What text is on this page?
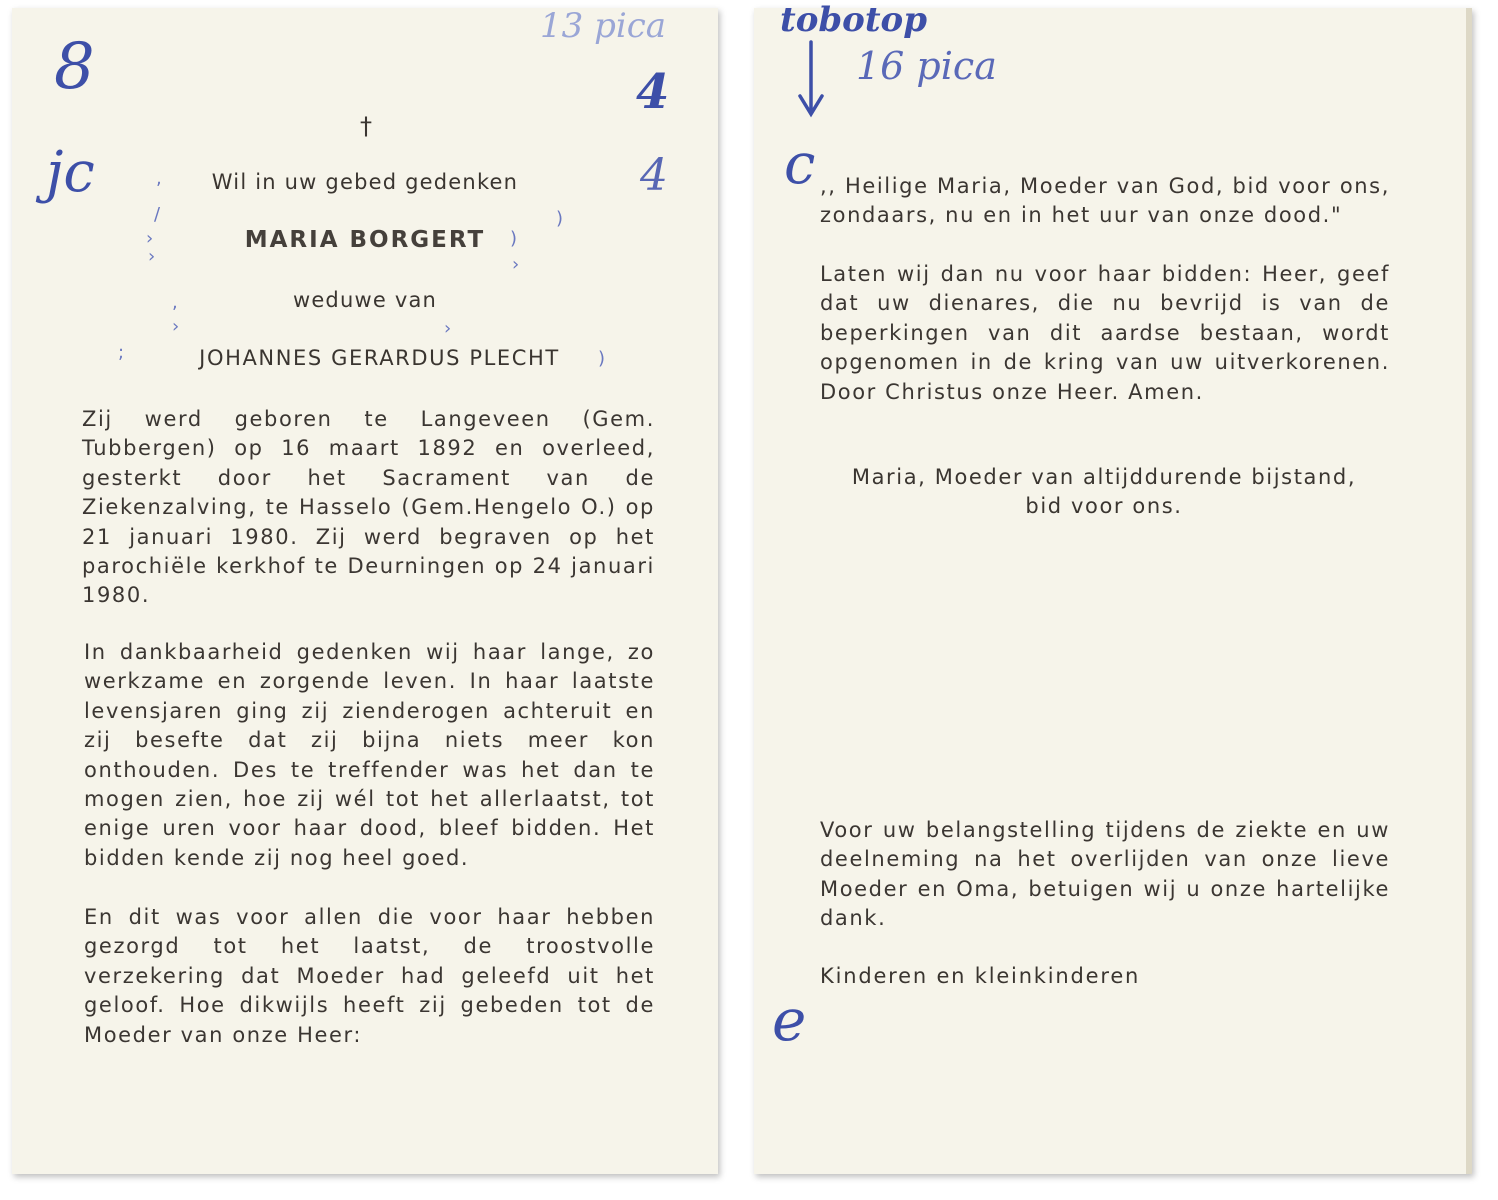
†
Wil in uw gebed gedenken
MARIA BORGERT
weduwe van
JOHANNES GERARDUS PLECHT

Zij werd geboren te Langeveen (Gem. Tubbergen) op 16 maart 1892 en overleed, gesterkt door het Sacrament van de Ziekenzalving, te Hasselo (Gem.Hengelo O.) op 21 januari 1980. Zij werd begraven op het parochiële kerkhof te Deurningen op 24 januari 1980.

In dankbaarheid gedenken wij haar lange, zo werkzame en zorgende leven. In haar laatste levensjaren ging zij zienderogen achteruit en zij besefte dat zij bijna niets meer kon onthouden. Des te treffender was het dan te mogen zien, hoe zij wél tot het allerlaatst, tot enige uren voor haar dood, bleef bidden. Het bidden kende zij nog heel goed.

En dit was voor allen die voor haar hebben gezorgd tot het laatst, de troostvolle verzekering dat Moeder had geleefd uit het geloof. Hoe dikwijls heeft zij gebeden tot de Moeder van onze Heer:

,, Heilige Maria, Moeder van God, bid voor ons, zondaars, nu en in het uur van onze dood."

Laten wij dan nu voor haar bidden: Heer, geef dat uw dienares, die nu bevrijd is van de beperkingen van dit aardse bestaan, wordt opgenomen in de kring van uw uitverkorenen. Door Christus onze Heer. Amen.

Maria, Moeder van altijddurende bijstand,
bid voor ons.

Voor uw belangstelling tijdens de ziekte en uw deelneming na het overlijden van onze lieve Moeder en Oma, betuigen wij u onze hartelijke dank.

Kinderen en kleinkinderen
8
jc
13 pica
4
4
tobotop
16 pica
c
e
,
/
›
›
)
)
›
›
,
›
;	)
